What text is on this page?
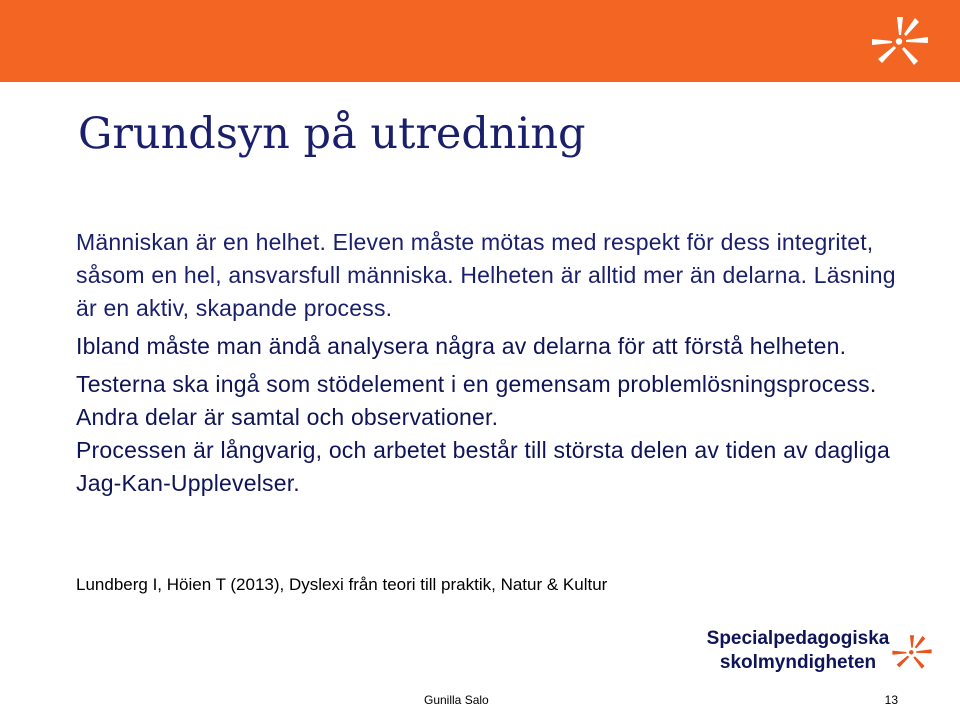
Grundsyn på utredning

Människan är en helhet. Eleven måste mötas med respekt för dess integritet, såsom en hel, ansvarsfull människa. Helheten är alltid mer än delarna. Läsning är en aktiv, skapande process.

Ibland måste man ändå analysera några av delarna för att förstå helheten.

Testerna ska ingå som stödelement i en gemensam problemlösningsprocess. Andra delar är samtal och observationer.

Processen är långvarig, och arbetet består till största delen av tiden av dagliga Jag-Kan-Upplevelser.

Lundberg I, Höien T (2013), Dyslexi från teori till praktik, Natur & Kultur

Specialpedagogiska
skolmyndigheten

Gunilla Salo	13
